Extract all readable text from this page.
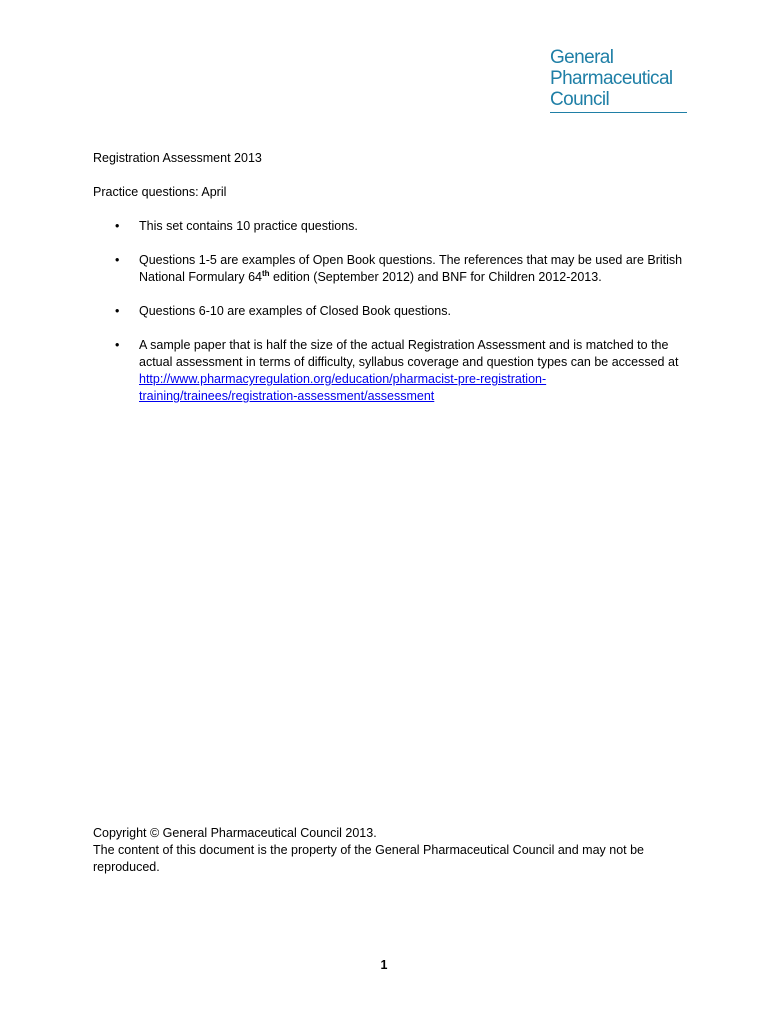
General
Pharmaceutical
Council

Registration Assessment 2013

Practice questions: April

• This set contains 10 practice questions.
• Questions 1-5 are examples of Open Book questions. The references that may be used are British National Formulary 64th edition (September 2012) and BNF for Children 2012-2013.
• Questions 6-10 are examples of Closed Book questions.
• A sample paper that is half the size of the actual Registration Assessment and is matched to the actual assessment in terms of difficulty, syllabus coverage and question types can be accessed at http://www.pharmacyregulation.org/education/pharmacist-pre-registration-training/trainees/registration-assessment/assessment
Copyright © General Pharmaceutical Council 2013.
The content of this document is the property of the General Pharmaceutical Council and may not be reproduced.
1
